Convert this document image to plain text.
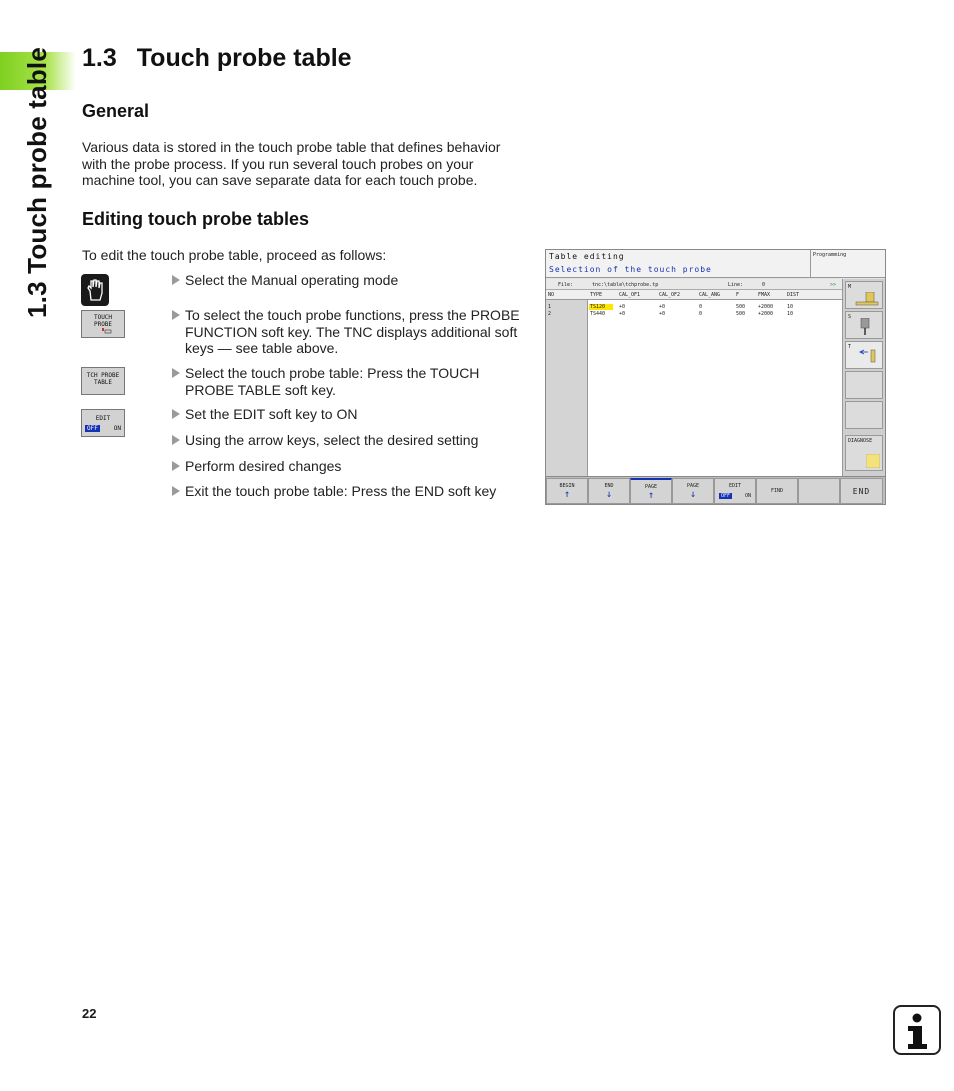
1.3 Touch probe table 1.3 Touch probe table
General
Various data is stored in the touch probe table that defines behavior
with the probe process. If you run several touch probes on your
machine tool, you can save separate data for each touch probe.
Editing touch probe tables
To edit the touch probe table, proceed as follows:
TOUCH
PROBE
TCH PROBE
TABLE
EDIT
OFF	ON
Select the Manual operating mode
To select the touch probe functions, press the PROBE
FUNCTION soft key. The TNC displays additional soft
keys — see table above.
Select the touch probe table: Press the TOUCH
PROBE TABLE soft key.
Set the EDIT soft key to ON
Using the arrow keys, select the desired setting
Perform desired changes
Exit the touch probe table: Press the END soft key
Table editing
Selection of the touch probe
Programming
File:	tnc:\table\tchprobe.tp	Line:	0	>>
NO	TYPE	CAL_OF1	CAL_OF2	CAL_ANG	F	FMAX	DIST
1	TS120	+0	+0	0	500	+2000	10
2	TS440	+0	+0	0	500	+2000	10
M
S
T
DIAGNOSE
BEGIN
↑
END
↓
PAGE
↑
PAGE
↓
EDIT
OFF	ON
FIND	END
22
